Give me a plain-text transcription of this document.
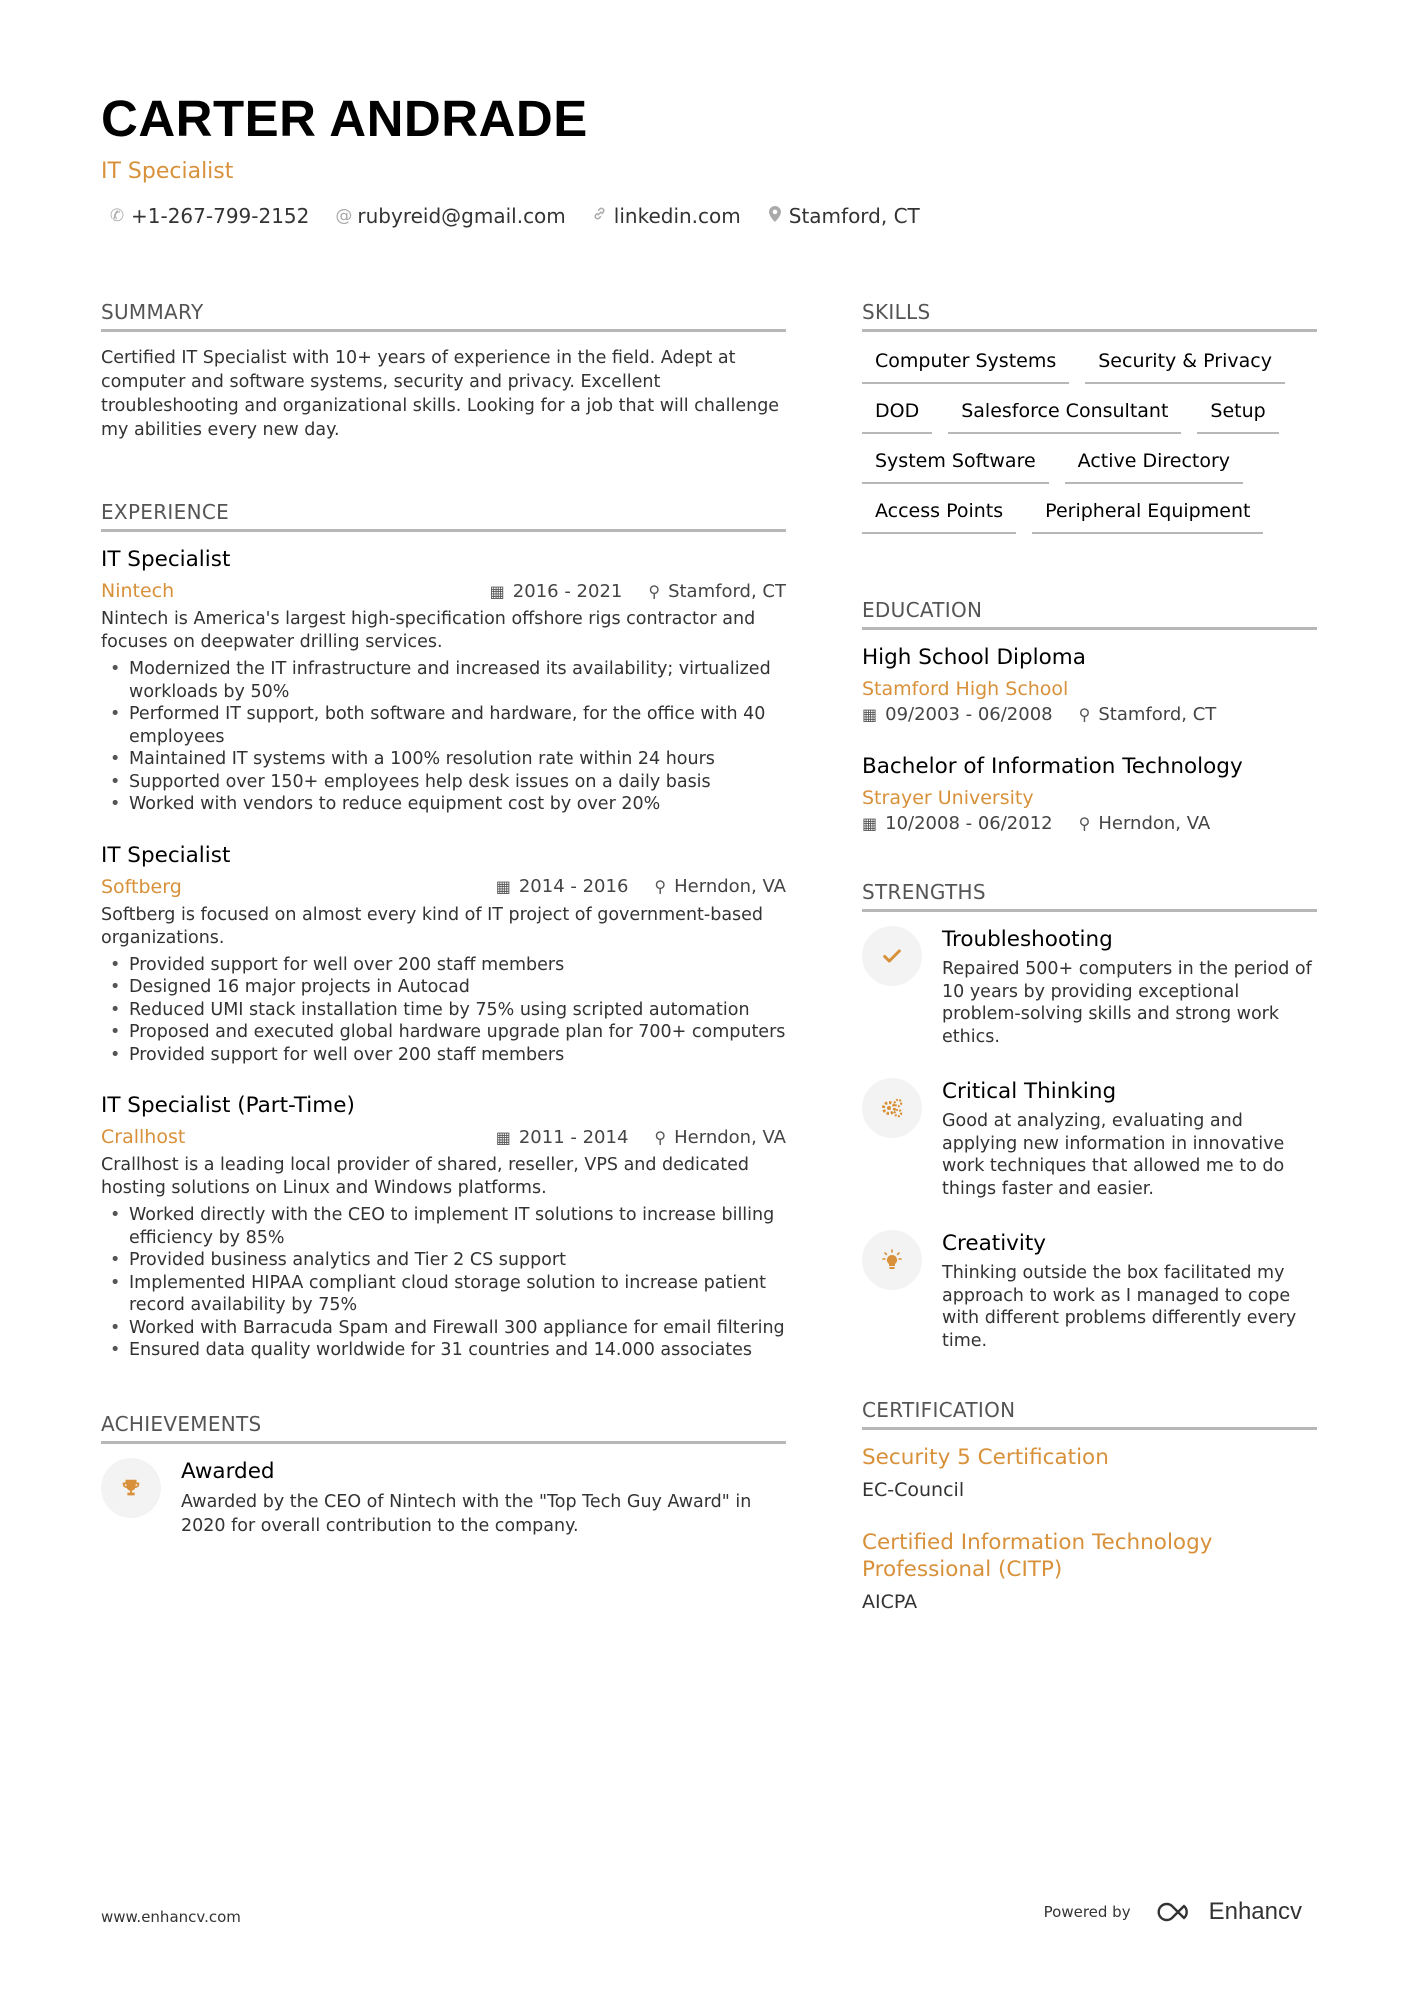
CARTER ANDRADE
IT Specialist
✆ +1-267-799-2152 @ rubyreid@gmail.com linkedin.com Stamford, CT
SUMMARY
Certified IT Specialist with 10+ years of experience in the field. Adept at computer and software systems, security and privacy. Excellent troubleshooting and organizational skills. Looking for a job that will challenge my abilities every new day.
EXPERIENCE
IT Specialist
Nintech	▦ 2016 - 2021 ⚲ Stamford, CT
Nintech is America's largest high-specification offshore rigs contractor and focuses on deepwater drilling services.
• Modernized the IT infrastructure and increased its availability; virtualized workloads by 50%
• Performed IT support, both software and hardware, for the office with 40 employees
• Maintained IT systems with a 100% resolution rate within 24 hours
• Supported over 150+ employees help desk issues on a daily basis
• Worked with vendors to reduce equipment cost by over 20%
IT Specialist
Softberg	▦ 2014 - 2016 ⚲ Herndon, VA
Softberg is focused on almost every kind of IT project of government-based organizations.
• Provided support for well over 200 staff members
• Designed 16 major projects in Autocad
• Reduced UMI stack installation time by 75% using scripted automation
• Proposed and executed global hardware upgrade plan for 700+ computers
• Provided support for well over 200 staff members
IT Specialist (Part-Time)
Crallhost	▦ 2011 - 2014 ⚲ Herndon, VA
Crallhost is a leading local provider of shared, reseller, VPS and dedicated hosting solutions on Linux and Windows platforms.
• Worked directly with the CEO to implement IT solutions to increase billing efficiency by 85%
• Provided business analytics and Tier 2 CS support
• Implemented HIPAA compliant cloud storage solution to increase patient record availability by 75%
• Worked with Barracuda Spam and Firewall 300 appliance for email filtering
• Ensured data quality worldwide for 31 countries and 14.000 associates
ACHIEVEMENTS
Awarded
Awarded by the CEO of Nintech with the "Top Tech Guy Award" in 2020 for overall contribution to the company.
SKILLS
Computer Systems	Security & Privacy
DOD	Salesforce Consultant	Setup
System Software	Active Directory
Access Points	Peripheral Equipment
EDUCATION
High School Diploma
Stamford High School
▦ 09/2003 - 06/2008 ⚲ Stamford, CT
Bachelor of Information Technology
Strayer University
▦ 10/2008 - 06/2012 ⚲ Herndon, VA
STRENGTHS
Troubleshooting
Repaired 500+ computers in the period of 10 years by providing exceptional problem-solving skills and strong work ethics.
Critical Thinking
Good at analyzing, evaluating and applying new information in innovative work techniques that allowed me to do things faster and easier.
Creativity
Thinking outside the box facilitated my approach to work as I managed to cope with different problems differently every time.
CERTIFICATION
Security 5 Certification
EC-Council
Certified Information Technology Professional (CITP)
AICPA
www.enhancv.com	Powered by	Enhancv
